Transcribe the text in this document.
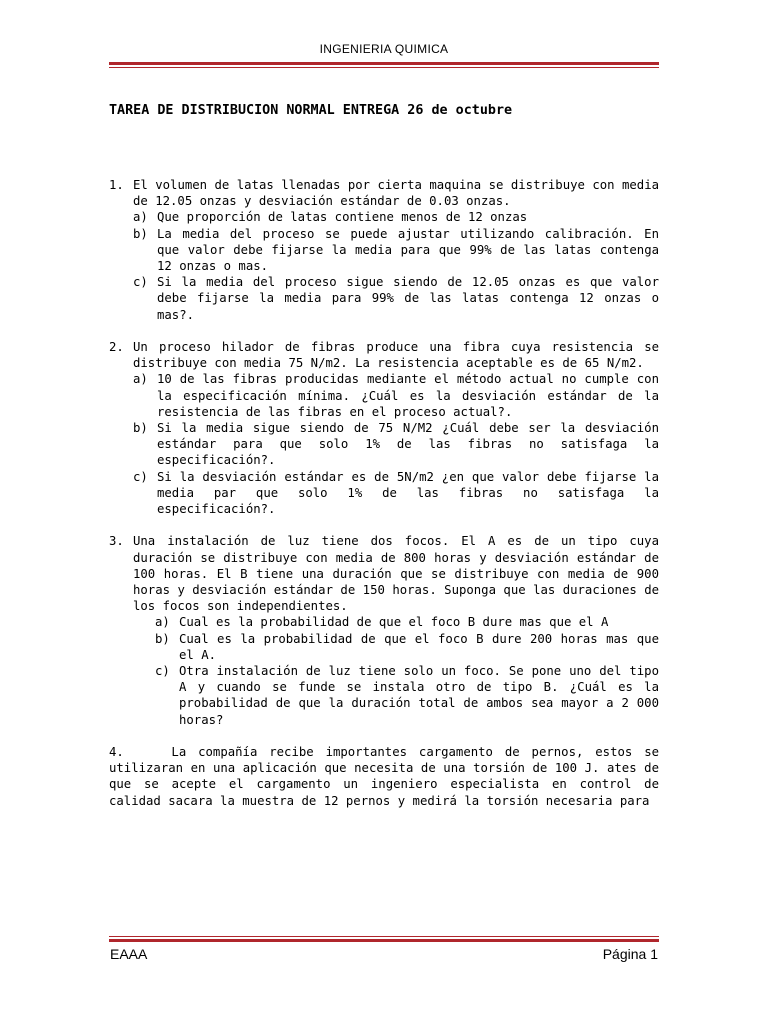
INGENIERIA QUIMICA
TAREA DE DISTRIBUCION NORMAL ENTREGA 26 de octubre
1. El volumen de latas llenadas por cierta maquina se distribuye con media de 12.05 onzas y desviación estándar de 0.03 onzas.
a) Que proporción de latas contiene menos de 12 onzas
b) La media del proceso se puede ajustar utilizando calibración. En que valor debe fijarse la media para que 99% de las latas contenga 12 onzas o mas.
c) Si la media del proceso sigue siendo de 12.05 onzas es que valor debe fijarse la media para 99% de las latas contenga 12 onzas o mas?.
2. Un proceso hilador de fibras produce una fibra cuya resistencia se distribuye con media 75 N/m2. La resistencia aceptable es de 65 N/m2.
a) 10 de las fibras producidas mediante el método actual no cumple con la especificación mínima. ¿Cuál es la desviación estándar de la resistencia de las fibras en el proceso actual?.
b) Si la media sigue siendo de 75 N/M2 ¿Cuál debe ser la desviación estándar para que solo 1% de las fibras no satisfaga la especificación?.
c) Si la desviación estándar es de 5N/m2 ¿en que valor debe fijarse la media par que solo 1% de las fibras no satisfaga la especificación?.
3. Una instalación de luz tiene dos focos. El A es de un tipo cuya duración se distribuye con media de 800 horas y desviación estándar de 100 horas. El B tiene una duración que se distribuye con media de 900 horas y desviación estándar de 150 horas. Suponga que las duraciones de los focos son independientes.
a) Cual es la probabilidad de que el foco B dure mas que el A
b) Cual es la probabilidad de que el foco B dure 200 horas mas que el A.
c) Otra instalación de luz tiene solo un foco. Se pone uno del tipo A y cuando se funde se instala otro de tipo B. ¿Cuál es la probabilidad de que la duración total de ambos sea mayor a 2 000 horas?
4.	La compañía recibe importantes cargamento de pernos, estos se utilizaran en una aplicación que necesita de una torsión de 100 J. ates de que se acepte el cargamento un ingeniero especialista en control de calidad sacara la muestra de 12 pernos y medirá la torsión necesaria para
EAAA	Página 1
